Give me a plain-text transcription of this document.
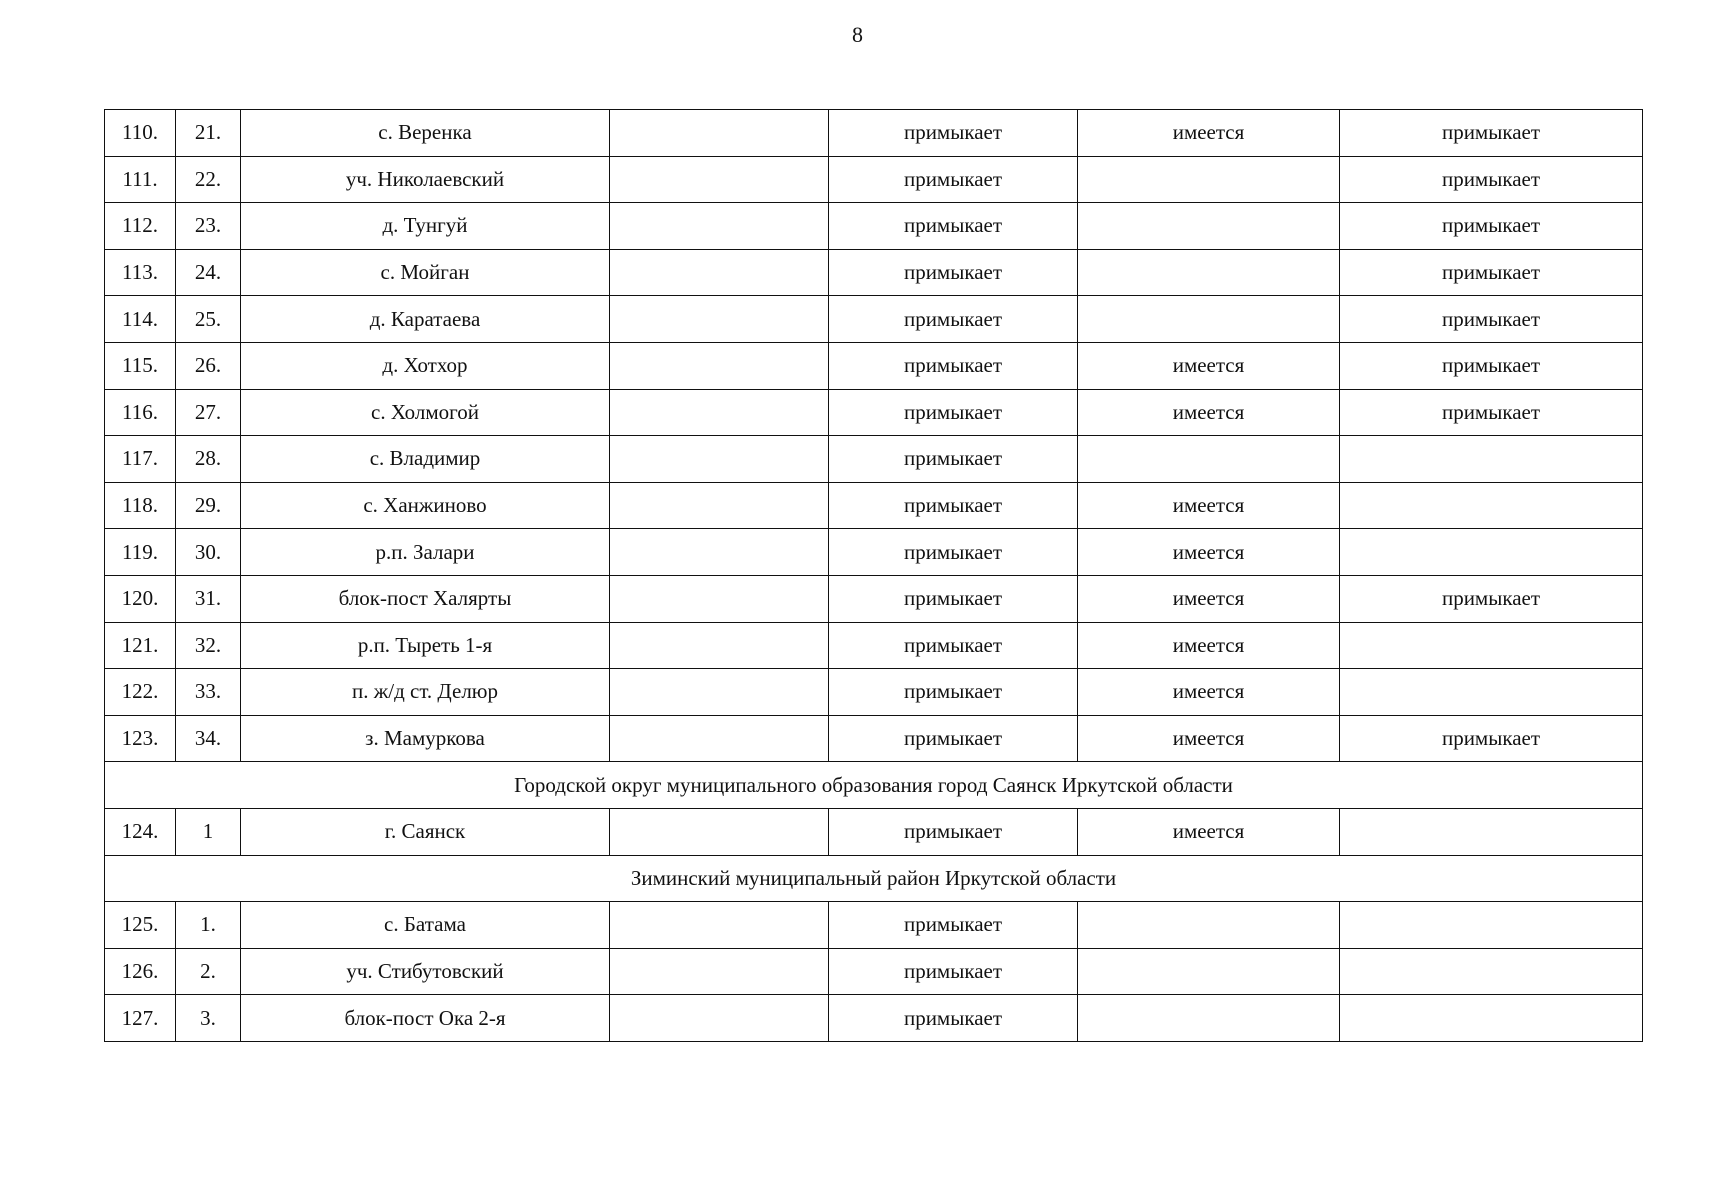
8
110.	21.	с. Веренка		примыкает	имеется	примыкает
111.	22.	уч. Николаевский		примыкает		примыкает
112.	23.	д. Тунгуй		примыкает		примыкает
113.	24.	с. Мойган		примыкает		примыкает
114.	25.	д. Каратаева		примыкает		примыкает
115.	26.	д. Хотхор		примыкает	имеется	примыкает
116.	27.	с. Холмогой		примыкает	имеется	примыкает
117.	28.	с. Владимир		примыкает		
118.	29.	с. Ханжиново		примыкает	имеется	
119.	30.	р.п. Залари		примыкает	имеется	
120.	31.	блок-пост Халярты		примыкает	имеется	примыкает
121.	32.	р.п. Тыреть 1-я		примыкает	имеется	
122.	33.	п. ж/д ст. Делюр		примыкает	имеется	
123.	34.	з. Мамуркова		примыкает	имеется	примыкает
Городской округ муниципального образования город Саянск Иркутской области						
124.	1	г. Саянск		примыкает	имеется	
Зиминский муниципальный район Иркутской области						
125.	1.	с. Батама		примыкает		
126.	2.	уч. Стибутовский		примыкает		
127.	3.	блок-пост Ока 2-я		примыкает		
